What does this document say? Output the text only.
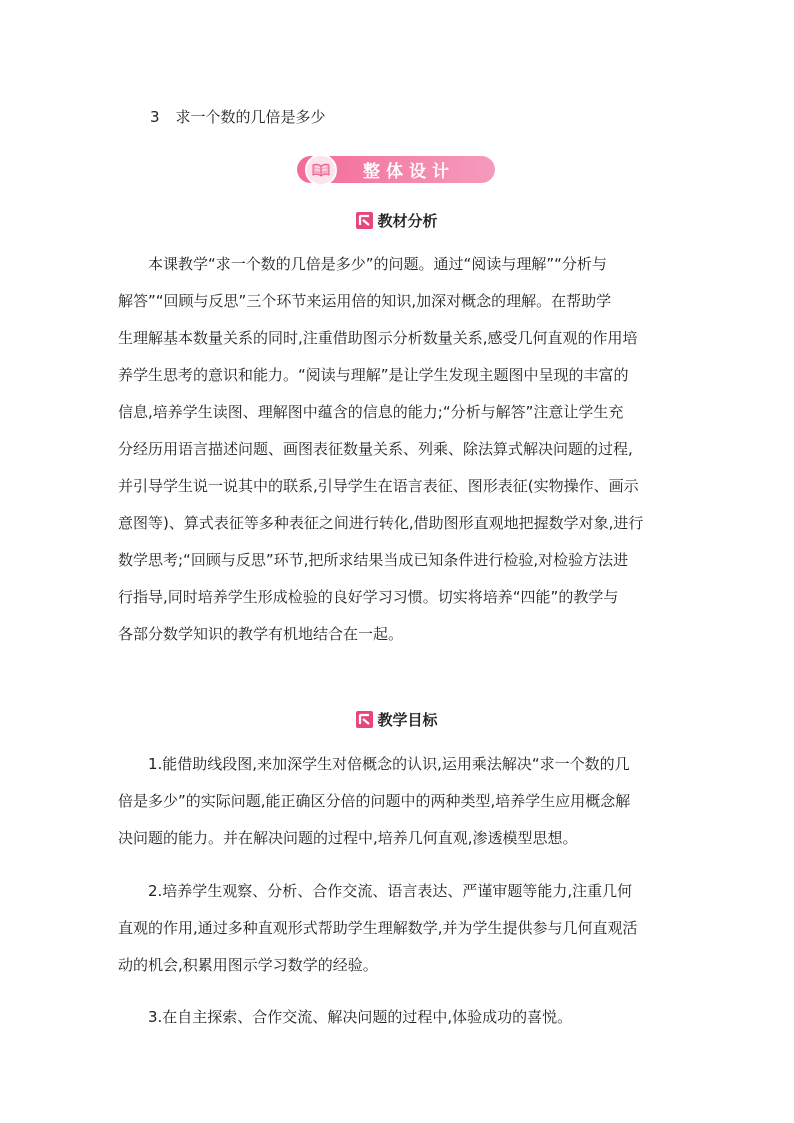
3 求一个数的几倍是多少
整体设计
教材分析
本课教学“求一个数的几倍是多少”的问题。通过“阅读与理解”“分析与
解答”“回顾与反思”三个环节来运用倍的知识,加深对概念的理解。在帮助学
生理解基本数量关系的同时,注重借助图示分析数量关系,感受几何直观的作用培
养学生思考的意识和能力。“阅读与理解”是让学生发现主题图中呈现的丰富的
信息,培养学生读图、理解图中蕴含的信息的能力;“分析与解答”注意让学生充
分经历用语言描述问题、画图表征数量关系、列乘、除法算式解决问题的过程,
并引导学生说一说其中的联系,引导学生在语言表征、图形表征(实物操作、画示
意图等)、算式表征等多种表征之间进行转化,借助图形直观地把握数学对象,进行
数学思考;“回顾与反思”环节,把所求结果当成已知条件进行检验,对检验方法进
行指导,同时培养学生形成检验的良好学习习惯。切实将培养“四能”的教学与
各部分数学知识的教学有机地结合在一起。
教学目标
1.能借助线段图,来加深学生对倍概念的认识,运用乘法解决“求一个数的几
倍是多少”的实际问题,能正确区分倍的问题中的两种类型,培养学生应用概念解
决问题的能力。并在解决问题的过程中,培养几何直观,渗透模型思想。
2.培养学生观察、分析、合作交流、语言表达、严谨审题等能力,注重几何
直观的作用,通过多种直观形式帮助学生理解数学,并为学生提供参与几何直观活
动的机会,积累用图示学习数学的经验。
3.在自主探索、合作交流、解决问题的过程中,体验成功的喜悦。
